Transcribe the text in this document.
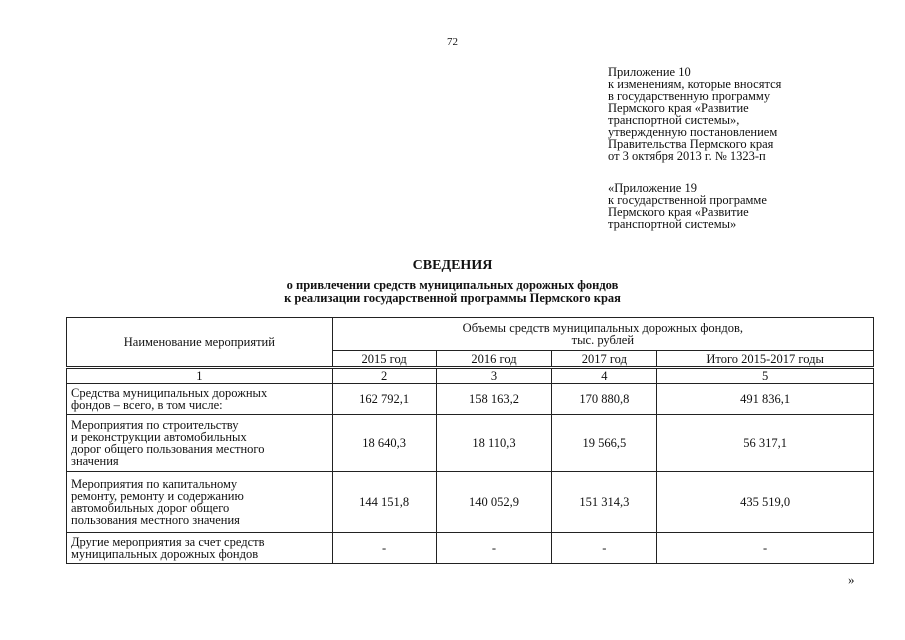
72
Приложение 10
к изменениям, которые вносятся
в государственную программу
Пермского края «Развитие
транспортной системы»,
утвержденную постановлением
Правительства Пермского края
от 3 октября 2013 г. № 1323-п
«Приложение 19
к государственной программе
Пермского края «Развитие
транспортной системы»
СВЕДЕНИЯ
о привлечении средств муниципальных дорожных фондов
к реализации государственной программы Пермского края
Наименование мероприятий	Объемы средств муниципальных дорожных фондов,
тыс. рублей			

	2015 год	2016 год	2017 год	Итого 2015-2017 годы

1	2	3	4	5

Средства муниципальных дорожных
фондов – всего, в том числе:	162 792,1	158 163,2	170 880,8	491 836,1

Мероприятия по строительству
и реконструкции автомобильных
дорог общего пользования местного
значения	18 640,3	18 110,3	19 566,5	56 317,1

Мероприятия по капитальному
ремонту, ремонту и содержанию
автомобильных дорог общего
пользования местного значения	144 151,8	140 052,9	151 314,3	435 519,0

Другие мероприятия за счет средств
муниципальных дорожных фондов	-	-	-	-
»
